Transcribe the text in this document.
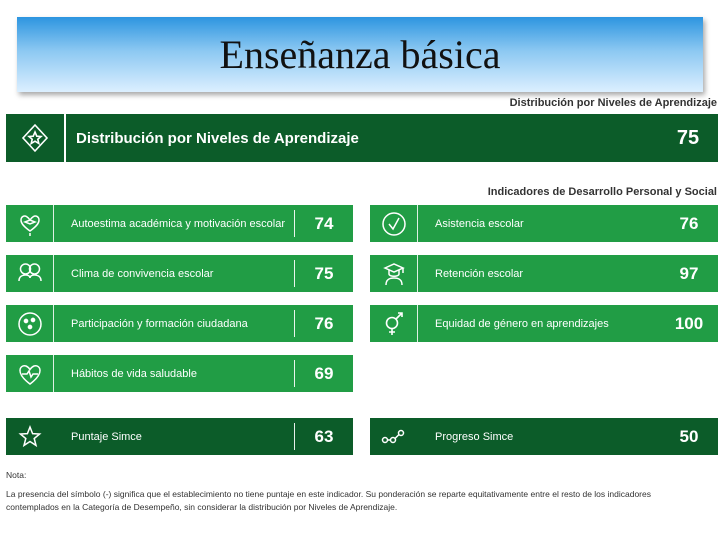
Enseñanza básica
Distribución por Niveles de Aprendizaje
Distribución por Niveles de Aprendizaje	75
Indicadores de Desarrollo Personal y Social
Autoestima académica y motivación escolar	74
Clima de convivencia escolar	75
Participación y formación ciudadana	76
Hábitos de vida saludable	69
Puntaje Simce	63
Asistencia escolar	76
Retención escolar	97
Equidad de género en aprendizajes	100
Progreso Simce	50
Nota:
La presencia del símbolo (-) significa que el establecimiento no tiene puntaje en este indicador. Su ponderación se reparte equitativamente entre el resto de los indicadores contemplados en la Categoría de Desempeño, sin considerar la distribución por Niveles de Aprendizaje.
